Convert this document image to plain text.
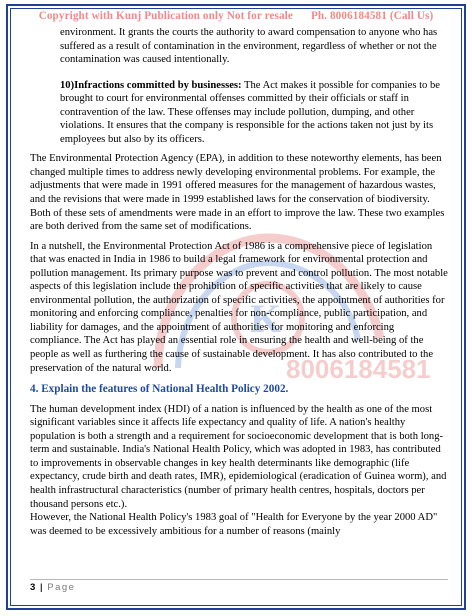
Copyright with Kunj Publication only Not for resale Ph. 8006184581 (Call Us)
K
8006184581

environment. It grants the courts the authority to award compensation to anyone who has suffered as a result of contamination in the environment, regardless of whether or not the contamination was caused intentionally.

10)Infractions committed by businesses: The Act makes it possible for companies to be brought to court for environmental offenses committed by their officials or staff in contravention of the law. These offenses may include pollution, dumping, and other violations. It ensures that the company is responsible for the actions taken not just by its employees but also by its officers.

The Environmental Protection Agency (EPA), in addition to these noteworthy elements, has been changed multiple times to address newly developing environmental problems. For example, the adjustments that were made in 1991 offered measures for the management of hazardous wastes, and the revisions that were made in 1999 established laws for the conservation of biodiversity. Both of these sets of amendments were made in an effort to improve the law. These two examples are both derived from the same set of modifications.

In a nutshell, the Environmental Protection Act of 1986 is a comprehensive piece of legislation that was enacted in India in 1986 to build a legal framework for environmental protection and pollution management. Its primary purpose was to prevent and control pollution. The most notable aspects of this legislation include the prohibition of specific activities that are likely to cause environmental pollution, the authorization of specific activities, the appointment of authorities for monitoring and enforcing compliance, penalties for non-compliance, public participation, and liability for damages, and the appointment of authorities for monitoring and enforcing compliance. The Act has played an essential role in ensuring the health and well-being of the people as well as furthering the cause of sustainable development. It has also contributed to the preservation of the natural world.

4. Explain the features of National Health Policy 2002.

The human development index (HDI) of a nation is influenced by the health as one of the most significant variables since it affects life expectancy and quality of life. A nation's healthy population is both a strength and a requirement for socioeconomic development that is both long-term and sustainable. India's National Health Policy, which was adopted in 1983, has contributed to improvements in observable changes in key health determinants like demographic (life expectancy, crude birth and death rates, IMR), epidemiological (eradication of Guinea worm), and health infrastructural characteristics (number of primary health centres, hospitals, doctors per thousand persons etc.).

However, the National Health Policy's 1983 goal of "Health for Everyone by the year 2000 AD" was deemed to be excessively ambitious for a number of reasons (mainly

3 | Page
